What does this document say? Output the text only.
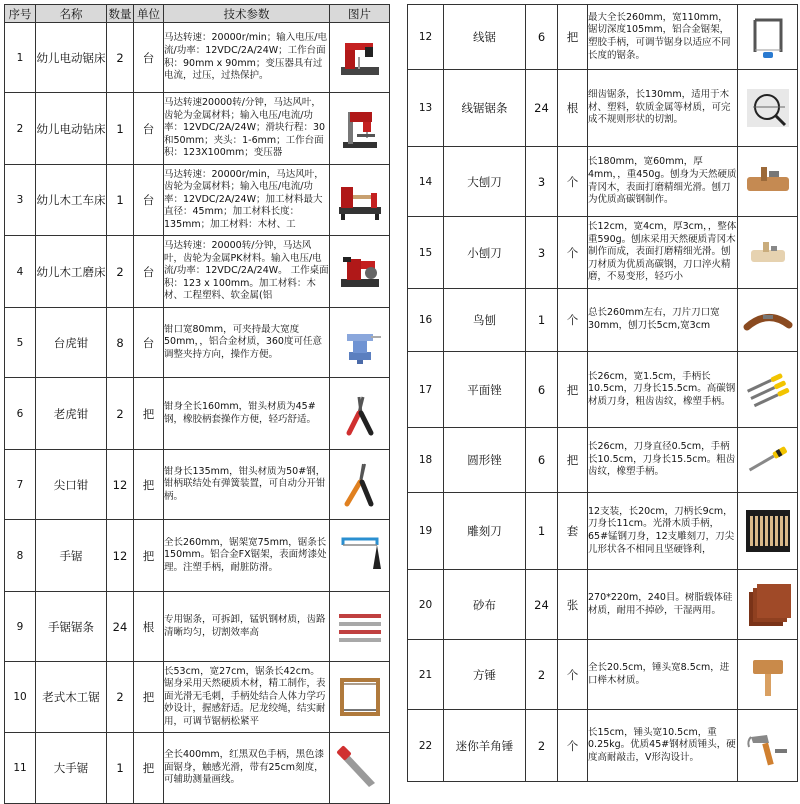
序号	名称	数量	单位	技术参数	图片
1	幼儿电动锯床	2	台	马达转速：20000r/min；输入电压/电流/功率：12VDC/2A/24W；工作台面积：90mm x 90mm；变压器具有过电流，过压，过热保护。

2	幼儿电动钻床	1	台	马达转速20000转/分钟，马达风叶，齿轮为金属材料；输入电压/电流/功率：12VDC/2A/24W；滑块行程：30和50mm；夹头：1-6mm；工作台面积：123X100mm；变压器

3	幼儿木工车床	1	台	马达转速：20000r/min，马达风叶，齿轮为金属材料；输入电压/电流/功率：12VDC/2A/24W；加工材料最大直径：45mm；加工材料长度：135mm；加工材料：木材、工

4	幼儿木工磨床	2	台	马达转速：20000转/分钟，马达风叶，齿轮为金属PK材料。输入电压/电流/功率：12VDC/2A/24W。 工作桌面积：123 x 100mm。加工材料：木材、工程塑料、软金属(铝

5	台虎钳	8	台	钳口宽80mm，可夹持最大宽度50mm，，铝合金材质，360度可任意调整夹持方向，操作方便。

6	老虎钳	2	把	钳身全长160mm，钳头材质为45#钢，橡胶柄套操作方便，轻巧舒适。

7	尖口钳	12	把	钳身长135mm，钳头材质为50#钢，钳柄联结处有弹簧装置，可自动分开钳柄。

8	手锯	12	把	全长260mm，锯架宽75mm，锯条长150mm。铝合金FX锯架，表面烤漆处理。注塑手柄，耐脏防滑。

9	手锯锯条	24	根	专用锯条，可拆卸，锰钒钢材质，齿路清晰均匀，切割效率高

10	老式木工锯	2	把	长53cm，宽27cm，锯条长42cm。锯身采用天然硬质木材，精工制作，表面光滑无毛刺，手柄处结合人体力学巧妙设计，握感舒适。尼龙绞绳，结实耐用，可调节锯柄松紧平

11	大手锯	1	把	全长400mm，红黑双色手柄，黑色漆面锯身，触感光滑，带有25cm刻度，可辅助测量画线。

12	线锯	6	把	最大全长260mm，宽110mm，锯切深度105mm，铝合金锯架，塑胶手柄，可调节锯身以适应不同长度的锯条。

13	线锯锯条	24	根	细齿锯条，长130mm，适用于木材、塑料，软质金属等材质，可完成不规则形状的切割。

14	大刨刀	3	个	长180mm，宽60mm，厚4mm，，重450g。刨身为天然硬质青冈木，表面打磨精细光滑。刨刀为优质高碳钢制作。

15	小刨刀	3	个	长12cm，宽4cm，厚3cm，，整体重590g。刨床采用天然硬质青冈木制作而成，表面打磨精细光滑。刨刀材质为优质高碳钢，刀口淬火精磨，不易变形，轻巧小

16	鸟刨	1	个	总长260mm左右，刀片刀口宽30mm，刨刀长5cm,宽3cm

17	平面锉	6	把	长26cm，宽1.5cm，手柄长10.5cm，刀身长15.5cm。高碳钢材质刀身，粗齿齿纹，橡塑手柄。

18	圆形锉	6	把	长26cm，刀身直径0.5cm，手柄长10.5cm，刀身长15.5cm。粗齿齿纹，橡塑手柄。

19	雕刻刀	1	套	12支装，长20cm，刀柄长9cm，刀身长11cm。光滑木质手柄，65#锰钢刀身，12支雕刻刀，刀尖儿形状各不相同且坚硬锋利，

20	砂布	24	张	270*220m，240目。树脂载体硅材质，耐用不掉砂，干湿两用。

21	方锤	2	个	全长20.5cm，锤头宽8.5cm，进口榉木材质。

22	迷你羊角锤	2	个	长15cm，锤头宽10.5cm，重0.25kg。优质45#钢材质锤头，硬度高耐敲击，V形沟设计。
